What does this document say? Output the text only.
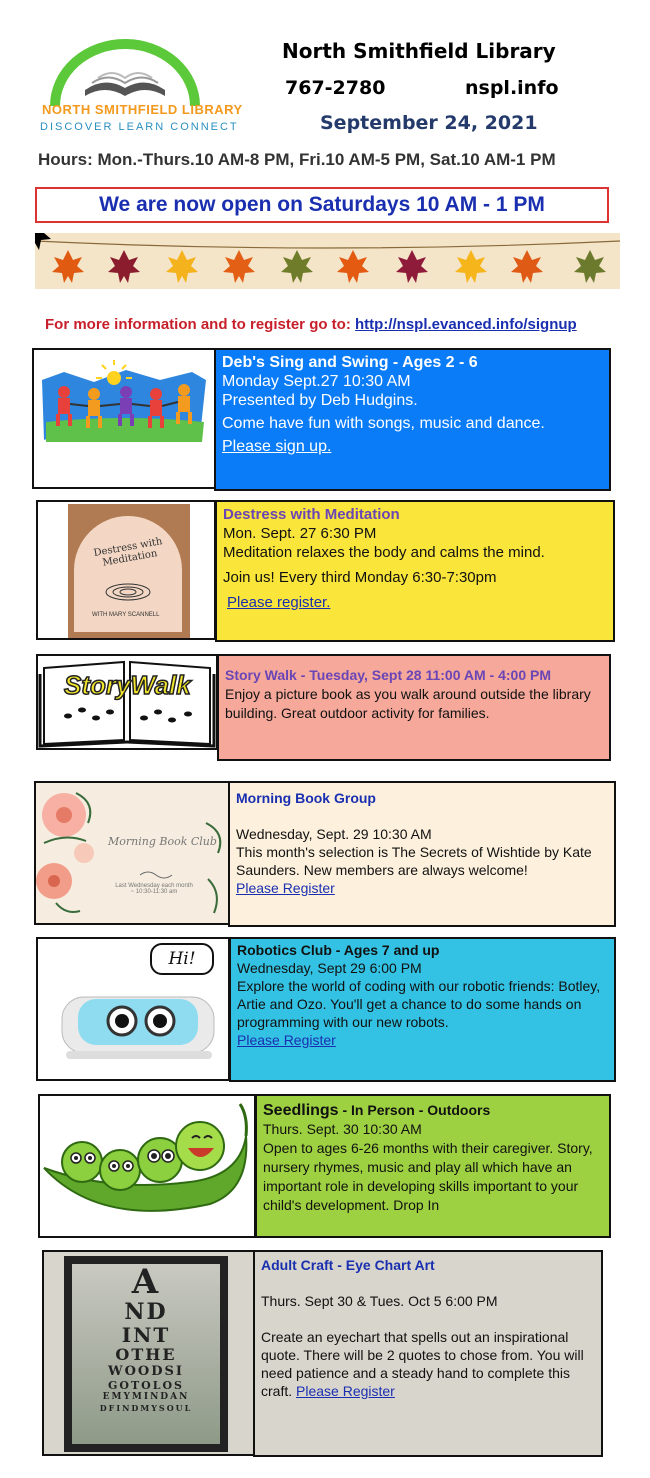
NORTH SMITHFIELD LIBRARY
DISCOVER LEARN CONNECT
North Smithfield Library
767-2780	nspl.info
September 24, 2021
Hours: Mon.-Thurs.10 AM-8 PM, Fri.10 AM-5 PM, Sat.10 AM-1 PM
We are now open on Saturdays 10 AM - 1 PM
For more information and to register go to: http://nspl.evanced.info/signup
Deb's Sing and Swing - Ages 2 - 6
Monday Sept.27 10:30 AM
Presented by Deb Hudgins.
Come have fun with songs, music and dance.
Please sign up.
Destress with Meditation
WITH MARY SCANNELL
Destress with Meditation
Mon. Sept. 27 6:30 PM
Meditation relaxes the body and calms the mind.
Join us! Every third Monday 6:30-7:30pm
Please register.
StoryWalk Story Walk - Tuesday, Sept 28 11:00 AM - 4:00 PM
Enjoy a picture book as you walk around outside the library building. Great outdoor activity for families.
Morning Book Club
Last Wednesday each month ~ 10:30-11:30 am
Morning Book Group
Wednesday, Sept. 29 10:30 AM
This month's selection is The Secrets of Wishtide by Kate Saunders. New members are always welcome!
Please Register
Hi!	Robotics Club - Ages 7 and up
Wednesday, Sept 29 6:00 PM
Explore the world of coding with our robotic friends: Botley, Artie and Ozo. You'll get a chance to do some hands on programming with our new robots.
Please Register
Seedlings - In Person - Outdoors
Thurs. Sept. 30 10:30 AM
Open to ages 6-26 months with their caregiver. Story, nursery rhymes, music and play all which have an important role in developing skills important to your child's development. Drop In
A
ND
INT
OTHE
WOODSI
GOTOLOS
EMYMINDAN
DFINDMYSOUL
Adult Craft - Eye Chart Art
Thurs. Sept 30 & Tues. Oct 5 6:00 PM
Create an eyechart that spells out an inspirational quote. There will be 2 quotes to chose from. You will need patience and a steady hand to complete this craft. Please Register
